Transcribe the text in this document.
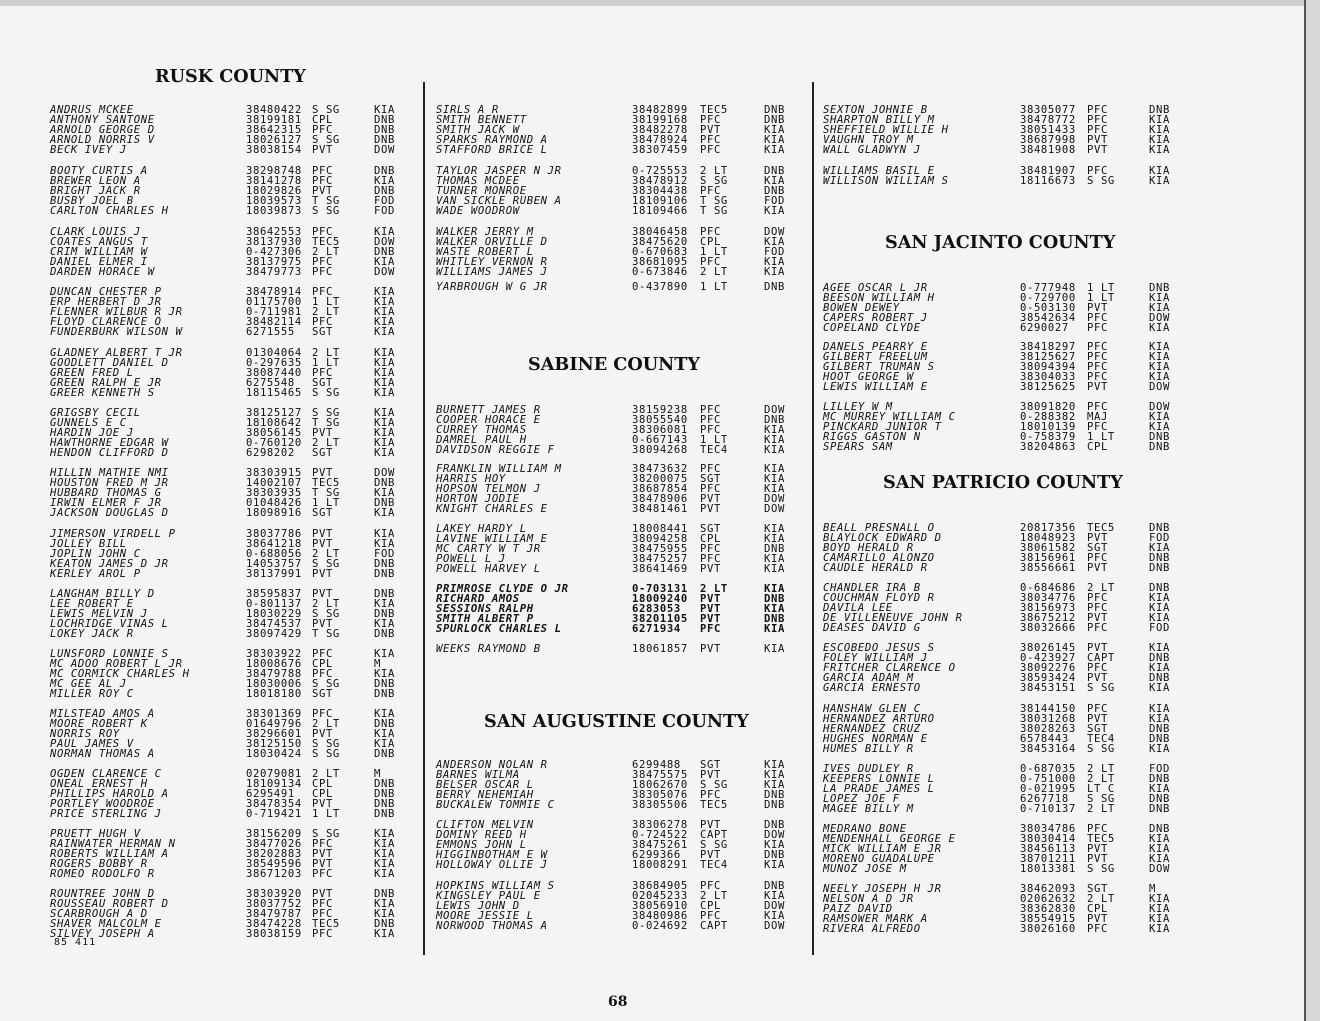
RUSK COUNTY
ANDRUS MCKEE	38480422 S SG	KIA
ANTHONY SANTONE	38199181 CPL	DNB
ARNOLD GEORGE D	38642315 PFC	DNB
ARNOLD NORRIS V	18026127 S SG	DNB
BECK IVEY J	38038154 PVT	DOW
BOOTY CURTIS A	38298748 PFC	DNB
BREWER LEON A	38141278 PFC	KIA
BRIGHT JACK R	18029826 PVT	DNB
BUSBY JOEL B	18039573 T SG	FOD
CARLTON CHARLES H	18039873 S SG	FOD
CLARK LOUIS J	38642553 PFC	KIA
COATES ANGUS T	38137930 TEC5	DOW
CRIM WILLIAM W	0-427306 2 LT	DNB
DANIEL ELMER I	38137975 PFC	KIA
DARDEN HORACE W	38479773 PFC	DOW
DUNCAN CHESTER P	38478914 PFC	KIA
ERP HERBERT D JR	01175700 1 LT	KIA
FLENNER WILBUR R JR	0-711981 2 LT	KIA
FLOYD CLARENCE O	38482114 PFC	KIA
FUNDERBURK WILSON W	6271555 SGT	KIA
GLADNEY ALBERT T JR	01304064 2 LT	KIA
GOODLETT DANIEL D	0-297635 1 LT	KIA
GREEN FRED L	38087440 PFC	KIA
GREEN RALPH E JR	6275548 SGT	KIA
GREER KENNETH S	18115465 S SG	KIA
GRIGSBY CECIL	38125127 S SG	KIA
GUNNELS E C	18108642 T SG	KIA
HARDIN JOE J	38056145 PVT	KIA
HAWTHORNE EDGAR W	0-760120 2 LT	KIA
HENDON CLIFFORD D	6298202 SGT	KIA
HILLIN MATHIE NMI	38303915 PVT	DOW
HOUSTON FRED M JR	14002107 TEC5	DNB
HUBBARD THOMAS G	38303935 T SG	KIA
IRWIN ELMER F JR	01048426 1 LT	DNB
JACKSON DOUGLAS D	18098916 SGT	KIA
JIMERSON VIRDELL P	38037786 PVT	KIA
JOLLEY BILL	38641218 PVT	KIA
JOPLIN JOHN C	0-688056 2 LT	FOD
KEATON JAMES D JR	14053757 S SG	DNB
KERLEY AROL P	38137991 PVT	DNB
LANGHAM BILLY D	38595837 PVT	DNB
LEE ROBERT E	0-801137 2 LT	KIA
LEWIS MELVIN J	18030229 S SG	DNB
LOCHRIDGE VINAS L	38474537 PVT	KIA
LOKEY JACK R	38097429 T SG	DNB
LUNSFORD LONNIE S	38303922 PFC	KIA
MC ADOO ROBERT L JR	18008676 CPL	M
MC CORMICK CHARLES H	38479788 PFC	KIA
MC GEE AL J	18030006 S SG	DNB
MILLER ROY C	18018180 SGT	DNB
MILSTEAD AMOS A	38301369 PFC	KIA
MOORE ROBERT K	01649796 2 LT	DNB
NORRIS ROY	38296601 PVT	KIA
PAUL JAMES V	38125150 S SG	KIA
NORMAN THOMAS A	18030424 S SG	DNB
OGDEN CLARENCE C	02079081 2 LT	M
ONEAL ERNEST H	18109134 CPL	DNB
PHILLIPS HAROLD A	6295491 CPL	DNB
PORTLEY WOODROE	38478354 PVT	DNB
PRICE STERLING J	0-719421 1 LT	DNB
PRUETT HUGH V	38156209 S SG	KIA
RAINWATER HERMAN N	38477026 PFC	KIA
ROBERTS WILLIAM A	38202883 PVT	KIA
ROGERS BOBBY R	38549596 PVT	KIA
ROMEO RODOLFO R	38671203 PFC	KIA
ROUNTREE JOHN D	38303920 PVT	DNB
ROUSSEAU ROBERT D	38037752 PFC	KIA
SCARBROUGH A D	38479787 PFC	KIA
SHAVER MALCOLM E	38474228 TEC5	DNB
SILVEY JOSEPH A	38038159 PFC	KIA
SIRLS A R	38482899 TEC5	DNB
SMITH BENNETT	38199168 PFC	DNB
SMITH JACK W	38482278 PVT	KIA
SPARKS RAYMOND A	38478924 PFC	KIA
STAFFORD BRICE L	38307459 PFC	KIA
TAYLOR JASPER N JR	0-725553 2 LT	DNB
THOMAS MCDEE	38478912 S SG	KIA
TURNER MONROE	38304438 PFC	DNB
VAN SICKLE RUBEN A	18109106 T SG	FOD
WADE WOODROW	18109466 T SG	KIA
WALKER JERRY M	38046458 PFC	DOW
WALKER ORVILLE D	38475620 CPL	KIA
WASTE ROBERT L	0-670683 1 LT	FOD
WHITLEY VERNON R	38681095 PFC	KIA
WILLIAMS JAMES J	0-673846 2 LT	KIA
YARBROUGH W G JR	0-437890 1 LT	DNB
SABINE COUNTY
BURNETT JAMES R	38159238 PFC	DOW
COOPER HORACE E	38055540 PFC	DNB
CURREY THOMAS	38306081 PFC	KIA
DAMREL PAUL H	0-667143 1 LT	KIA
DAVIDSON REGGIE F	38094268 TEC4	KIA
FRANKLIN WILLIAM M	38473632 PFC	KIA
HARRIS HOY	38200075 SGT	KIA
HOPSON TELMON J	38687854 PFC	KIA
HORTON JODIE	38478906 PVT	DOW
KNIGHT CHARLES E	38481461 PVT	DOW
LAKEY HARDY L	18008441 SGT	KIA
LAVINE WILLIAM E	38094258 CPL	KIA
MC CARTY W T JR	38475955 PFC	DNB
POWELL L J	38475257 PFC	KIA
POWELL HARVEY L	38641469 PVT	KIA
PRIMROSE CLYDE O JR	0-703131 2 LT	KIA
RICHARD AMOS	18009240 PVT	DNB
SESSIONS RALPH	6283053 PVT	KIA
SMITH ALBERT P	38201105 PVT	DNB
SPURLOCK CHARLES L	6271934 PFC	KIA
WEEKS RAYMOND B	18061857 PVT	KIA
SAN AUGUSTINE COUNTY
ANDERSON NOLAN R	6299488 SGT	KIA
BARNES WILMA	38475575 PVT	KIA
BELSER OSCAR L	18062670 S SG	KIA
BERRY NEHEMIAH	38305076 PFC	DNB
BUCKALEW TOMMIE C	38305506 TEC5	DNB
CLIFTON MELVIN	38306278 PVT	DNB
DOMINY REED H	0-724522 CAPT	DOW
EMMONS JOHN L	38475261 S SG	KIA
HIGGINBOTHAM E W	6299366 PVT	DNB
HOLLOWAY OLLIE J	18008291 TEC4	KIA
HOPKINS WILLIAM S	38684905 PFC	DNB
KINGSLEY PAUL E	02045233 2 LT	KIA
LEWIS JOHN D	38056910 CPL	DOW
MOORE JESSIE L	38480986 PFC	KIA
NORWOOD THOMAS A	0-024692 CAPT	DOW
SEXTON JOHNIE B	38305077 PFC	DNB
SHARPTON BILLY M	38478772 PFC	KIA
SHEFFIELD WILLIE H	38051433 PFC	KIA
VAUGHN TROY M	38687998 PVT	KIA
WALL GLADWYN J	38481908 PVT	KIA
WILLIAMS BASIL E	38481907 PFC	KIA
WILLISON WILLIAM S	18116673 S SG	KIA
SAN JACINTO COUNTY
AGEE OSCAR L JR	0-777948 1 LT	DNB
BEESON WILLIAM H	0-729700 1 LT	KIA
BOWEN DEWEY	0-503130 PVT	KIA
CAPERS ROBERT J	38542634 PFC	DOW
COPELAND CLYDE	6290027 PFC	KIA
DANELS PEARRY E	38418297 PFC	KIA
GILBERT FREELUM	38125627 PFC	KIA
GILBERT TRUMAN S	38094394 PFC	KIA
HOOT GEORGE W	38304033 PFC	KIA
LEWIS WILLIAM E	38125625 PVT	DOW
LILLEY W M	38091820 PFC	DOW
MC MURREY WILLIAM C	0-288382 MAJ	KIA
PINCKARD JUNIOR T	18010139 PFC	KIA
RIGGS GASTON N	0-758379 1 LT	DNB
SPEARS SAM	38204863 CPL	DNB
SAN PATRICIO COUNTY
BEALL PRESNALL O	20817356 TEC5	DNB
BLAYLOCK EDWARD D	18048923 PVT	FOD
BOYD HERALD R	38061582 SGT	KIA
CAMARILLO ALONZO	38156961 PFC	DNB
CAUDLE HERALD R	38556661 PVT	DNB
CHANDLER IRA B	0-684686 2 LT	DNB
COUCHMAN FLOYD R	38034776 PFC	KIA
DAVILA LEE	38156973 PFC	KIA
DE VILLENEUVE JOHN R	38675212 PVT	KIA
DEASES DAVID G	38032666 PFC	FOD
ESCOBEDO JESUS S	38026145 PVT	KIA
FOLEY WILLIAM J	0-423927 CAPT	DNB
FRITCHER CLARENCE O	38092276 PFC	KIA
GARCIA ADAM M	38593424 PVT	DNB
GARCIA ERNESTO	38453151 S SG	KIA
HANSHAW GLEN C	38144150 PFC	KIA
HERNANDEZ ARTURO	38031268 PVT	KIA
HERNANDEZ CRUZ	38028263 SGT	DNB
HUGHES NORMAN E	6578443 TEC4	DNB
HUMES BILLY R	38453164 S SG	KIA
IVES DUDLEY R	0-687035 2 LT	FOD
KEEPERS LONNIE L	0-751000 2 LT	DNB
LA PRADE JAMES L	0-021995 LT C	KIA
LOPEZ JOE F	6267718 S SG	DNB
MAGEE BILLY M	0-710137 2 LT	DNB
MEDRANO BONE	38034786 PFC	DNB
MENDENHALL GEORGE E	38030414 TEC5	KIA
MICK WILLIAM E JR	38456113 PVT	KIA
MORENO GUADALUPE	38701211 PVT	KIA
MUNOZ JOSE M	18013381 S SG	DOW
NEELY JOSEPH H JR	38462093 SGT	M
NELSON A D JR	02062632 2 LT	KIA
PAIZ DAVID	38362830 CPL	KIA
RAMSOWER MARK A	38554915 PVT	KIA
RIVERA ALFREDO	38026160 PFC	KIA
85 411
68
